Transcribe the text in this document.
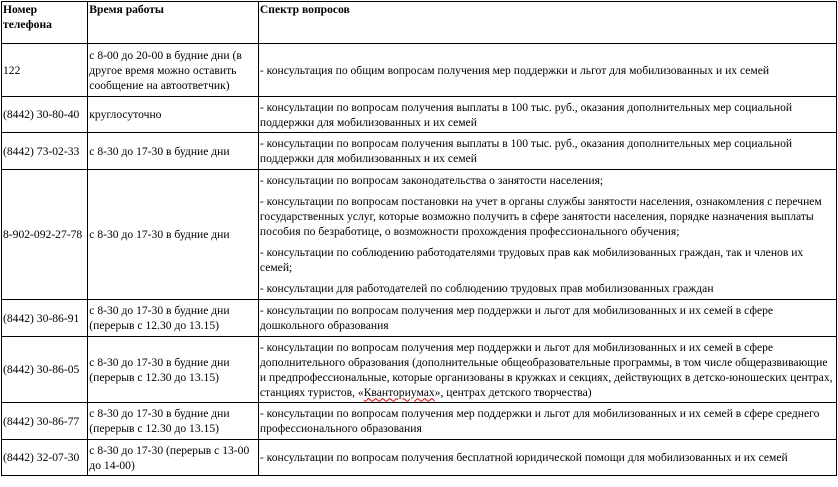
Номер телефона	Время работы	Спектр вопросов
122	с 8-00 до 20-00 в будние дни (в другое время можно оставить сообщение на автоответчик)	- консультация по общим вопросам получения мер поддержки и льгот для мобилизованных и их семей

(8442) 30-80-40	круглосуточно	- консультации по вопросам получения выплаты в 100 тыс. руб., оказания дополнительных мер социальной поддержки для мобилизованных и их семей

(8442) 73-02-33	с 8-30 до 17-30 в будние дни	- консультации по вопросам получения выплаты в 100 тыс. руб., оказания дополнительных мер социальной поддержки для мобилизованных и их семей

8-902-092-27-78	с 8-30 до 17-30 в будние дни	- консультации по вопросам законодательства о занятости населения;
- консультации по вопросам постановки на учет в органы службы занятости населения, ознакомления с перечнем государственных услуг, которые возможно получить в сфере занятости населения, порядке назначения выплаты пособия по безработице, о возможности прохождения профессионального обучения;
- консультации по соблюдению работодателями трудовых прав как мобилизованных граждан, так и членов их семей;
- консультации для работодателей по соблюдению трудовых прав мобилизованных граждан

(8442) 30-86-91	с 8-30 до 17-30 в будние дни (перерыв с 12.30 до 13.15)	- консультации по вопросам получения мер поддержки и льгот для мобилизованных и их семей в сфере дошкольного образования

(8442) 30-86-05	с 8-30 до 17-30 в будние дни (перерыв с 12.30 до 13.15)	- консультации по вопросам получения мер поддержки и льгот для мобилизованных и их семей в сфере дополнительного образования (дополнительные общеобразовательные программы, в том числе общеразвивающие и предпрофессиональные, которые организованы в кружках и секциях, действующих в детско-юношеских центрах, станциях туристов, «Кванториумах», центрах детского творчества)

(8442) 30-86-77	с 8-30 до 17-30 в будние дни (перерыв с 12.30 до 13.15)	- консультации по вопросам получения мер поддержки и льгот для мобилизованных и их семей в сфере среднего профессионального образования

(8442) 32-07-30	с 8-30 до 17-30 (перерыв с 13-00 до 14-00)	- консультации по вопросам получения бесплатной юридической помощи для мобилизованных и их семей
